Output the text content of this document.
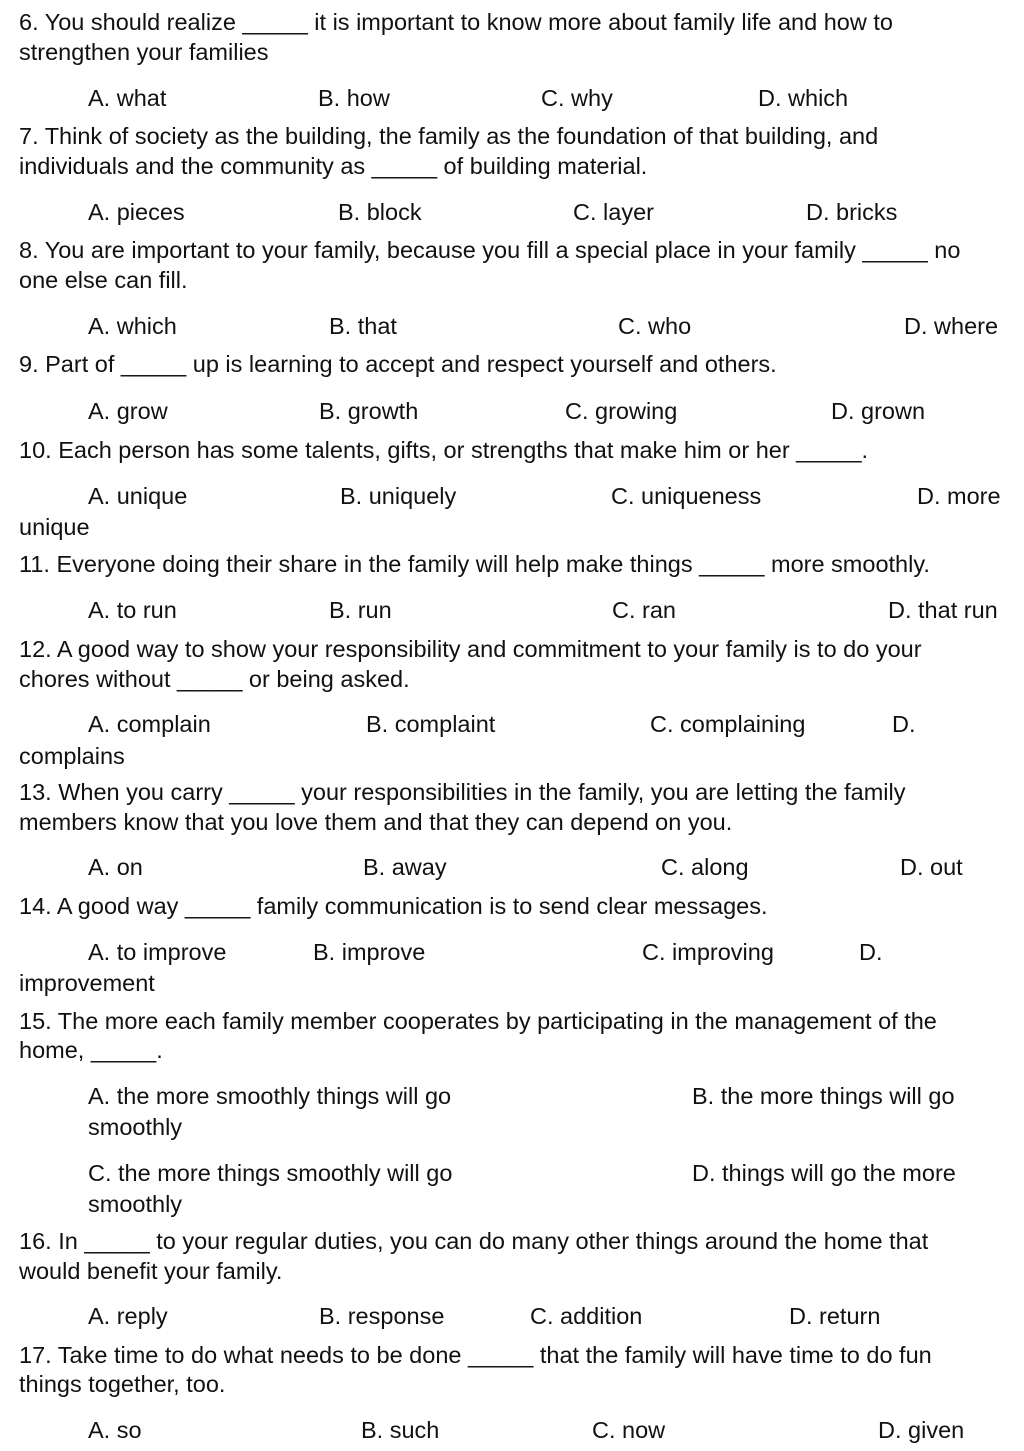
6. You should realize _____ it is important to know more about family life and how to
strengthen your families
A. what	B. how	C. why	D. which
7. Think of society as the building, the family as the foundation of that building, and
individuals and the community as _____ of building material.
A. pieces	B. block	C. layer	D. bricks
8. You are important to your family, because you fill a special place in your family _____ no
one else can fill.
A. which	B. that	C. who	D. where
9. Part of _____ up is learning to accept and respect yourself and others.
A. grow	B. growth	C. growing	D. grown
10. Each person has some talents, gifts, or strengths that make him or her _____.
A. unique	B. uniquely	C. uniqueness	D. more
unique
11. Everyone doing their share in the family will help make things _____ more smoothly.
A. to run	B. run	C. ran	D. that run
12. A good way to show your responsibility and commitment to your family is to do your
chores without _____ or being asked.
A. complain	B. complaint	C. complaining	D.
complains
13. When you carry _____ your responsibilities in the family, you are letting the family
members know that you love them and that they can depend on you.
A. on	B. away	C. along	D. out
14. A good way _____ family communication is to send clear messages.
A. to improve	B. improve	C. improving	D.
improvement
15. The more each family member cooperates by participating in the management of the
home, _____.
A. the more smoothly things will go
smoothly
B. the more things will go
C. the more things smoothly will go
smoothly
D. things will go the more
16. In _____ to your regular duties, you can do many other things around the home that
would benefit your family.
A. reply	B. response	C. addition	D. return
17. Take time to do what needs to be done _____ that the family will have time to do fun
things together, too.
A. so	B. such	C. now	D. given
